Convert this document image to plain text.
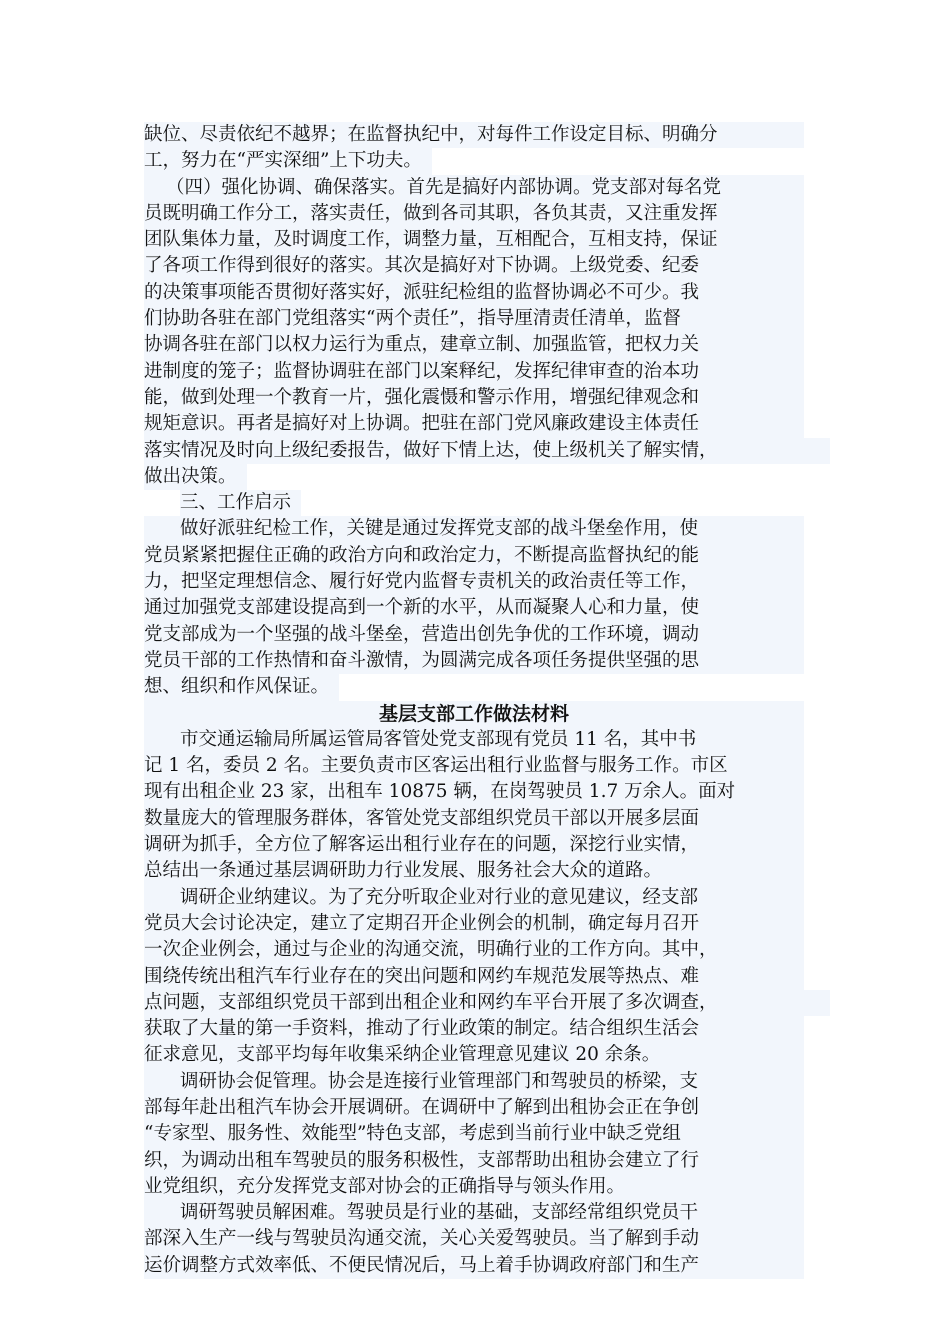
缺位、尽责依纪不越界；在监督执纪中，对每件工作设定目标、明确分
工，努力在“严实深细”上下功夫。
（四）强化协调、确保落实。首先是搞好内部协调。党支部对每名党
员既明确工作分工，落实责任，做到各司其职，各负其责，又注重发挥
团队集体力量，及时调度工作，调整力量，互相配合，互相支持，保证
了各项工作得到很好的落实。其次是搞好对下协调。上级党委、纪委
的决策事项能否贯彻好落实好，派驻纪检组的监督协调必不可少。我
们协助各驻在部门党组落实“两个责任”，指导厘清责任清单，监督
协调各驻在部门以权力运行为重点，建章立制、加强监管，把权力关
进制度的笼子；监督协调驻在部门以案释纪，发挥纪律审查的治本功
能，做到处理一个教育一片，强化震慑和警示作用，增强纪律观念和
规矩意识。再者是搞好对上协调。把驻在部门党风廉政建设主体责任
落实情况及时向上级纪委报告，做好下情上达，使上级机关了解实情，
做出决策。
三、工作启示
做好派驻纪检工作，关键是通过发挥党支部的战斗堡垒作用，使
党员紧紧把握住正确的政治方向和政治定力，不断提高监督执纪的能
力，把坚定理想信念、履行好党内监督专责机关的政治责任等工作，
通过加强党支部建设提高到一个新的水平，从而凝聚人心和力量，使
党支部成为一个坚强的战斗堡垒，营造出创先争优的工作环境，调动
党员干部的工作热情和奋斗激情，为圆满完成各项任务提供坚强的思
想、组织和作风保证。
基层支部工作做法材料
市交通运输局所属运管局客管处党支部现有党员 11 名，其中书
记 1 名，委员 2 名。主要负责市区客运出租行业监督与服务工作。市区
现有出租企业 23 家，出租车 10875 辆，在岗驾驶员 1.7 万余人。面对
数量庞大的管理服务群体，客管处党支部组织党员干部以开展多层面
调研为抓手，全方位了解客运出租行业存在的问题，深挖行业实情，
总结出一条通过基层调研助力行业发展、服务社会大众的道路。
调研企业纳建议。为了充分听取企业对行业的意见建议，经支部
党员大会讨论决定，建立了定期召开企业例会的机制，确定每月召开
一次企业例会，通过与企业的沟通交流，明确行业的工作方向。其中，
围绕传统出租汽车行业存在的突出问题和网约车规范发展等热点、难
点问题，支部组织党员干部到出租企业和网约车平台开展了多次调查，
获取了大量的第一手资料，推动了行业政策的制定。结合组织生活会
征求意见，支部平均每年收集采纳企业管理意见建议 20 余条。
调研协会促管理。协会是连接行业管理部门和驾驶员的桥梁，支
部每年赴出租汽车协会开展调研。在调研中了解到出租协会正在争创
“专家型、服务性、效能型”特色支部，考虑到当前行业中缺乏党组
织，为调动出租车驾驶员的服务积极性，支部帮助出租协会建立了行
业党组织，充分发挥党支部对协会的正确指导与领头作用。
调研驾驶员解困难。驾驶员是行业的基础，支部经常组织党员干
部深入生产一线与驾驶员沟通交流，关心关爱驾驶员。当了解到手动
运价调整方式效率低、不便民情况后，马上着手协调政府部门和生产
